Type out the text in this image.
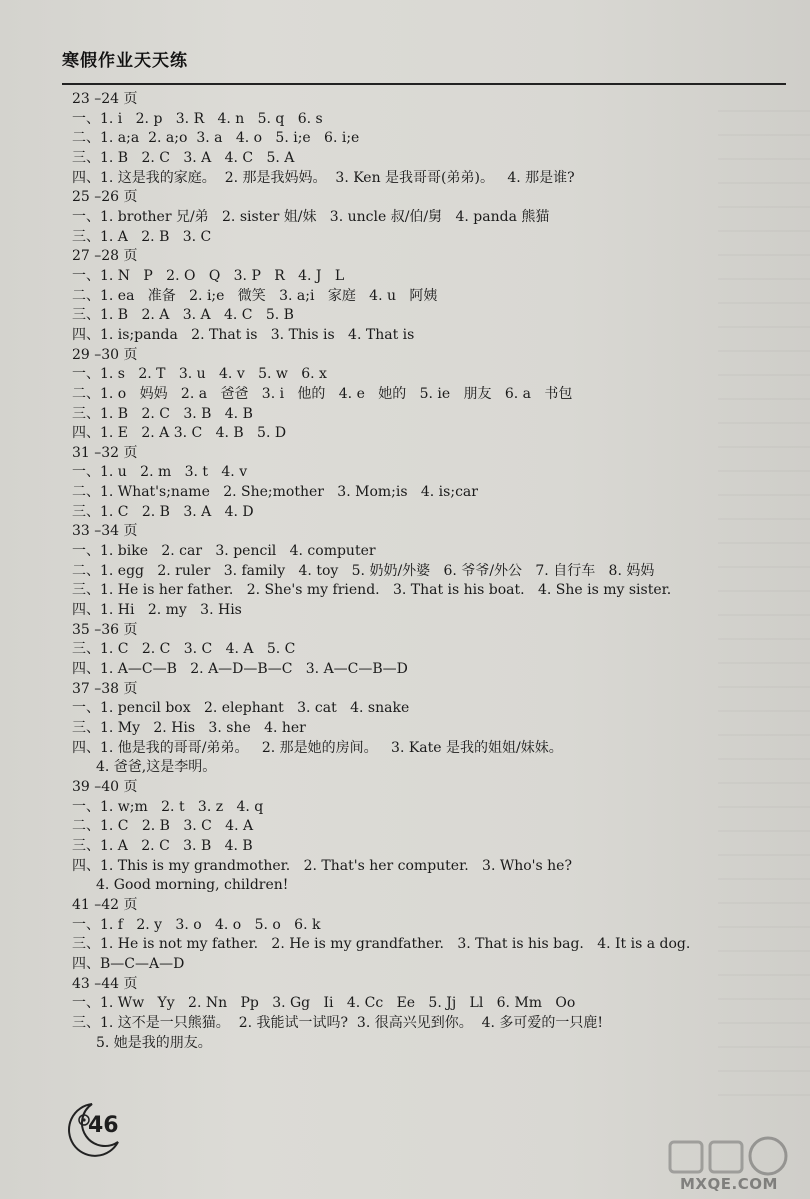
寒假作业天天练
23 –24 页
一、1. i   2. p   3. R   4. n   5. q   6. s
二、1. a;a  2. a;o  3. a   4. o   5. i;e   6. i;e
三、1. B   2. C   3. A   4. C   5. A
四、1. 这是我的家庭。  2. 那是我妈妈。  3. Ken 是我哥哥(弟弟)。   4. 那是谁?
25 –26 页
一、1. brother 兄/弟   2. sister 姐/妹   3. uncle 叔/伯/舅   4. panda 熊猫
三、1. A   2. B   3. C
27 –28 页
一、1. N   P   2. O   Q   3. P   R   4. J   L
二、1. ea   准备   2. i;e   微笑   3. a;i   家庭   4. u   阿姨
三、1. B   2. A   3. A   4. C   5. B
四、1. is;panda   2. That is   3. This is   4. That is
29 –30 页
一、1. s   2. T   3. u   4. v   5. w   6. x
二、1. o   妈妈   2. a   爸爸   3. i   他的   4. e   她的   5. ie   朋友   6. a   书包
三、1. B   2. C   3. B   4. B
四、1. E   2. A 3. C   4. B   5. D
31 –32 页
一、1. u   2. m   3. t   4. v
二、1. What's;name   2. She;mother   3. Mom;is   4. is;car
三、1. C   2. B   3. A   4. D
33 –34 页
一、1. bike   2. car   3. pencil   4. computer
二、1. egg   2. ruler   3. family   4. toy   5. 奶奶/外婆   6. 爷爷/外公   7. 自行车   8. 妈妈
三、1. He is her father.   2. She's my friend.   3. That is his boat.   4. She is my sister.
四、1. Hi   2. my   3. His
35 –36 页
三、1. C   2. C   3. C   4. A   5. C
四、1. A—C—B   2. A—D—B—C   3. A—C—B—D
37 –38 页
一、1. pencil box   2. elephant   3. cat   4. snake
三、1. My   2. His   3. she   4. her
四、1. 他是我的哥哥/弟弟。   2. 那是她的房间。   3. Kate 是我的姐姐/妹妹。
4. 爸爸,这是李明。
39 –40 页
一、1. w;m   2. t   3. z   4. q
二、1. C   2. B   3. C   4. A
三、1. A   2. C   3. B   4. B
四、1. This is my grandmother.   2. That's her computer.   3. Who's he?
4. Good morning, children!
41 –42 页
一、1. f   2. y   3. o   4. o   5. o   6. k
三、1. He is not my father.   2. He is my grandfather.   3. That is his bag.   4. It is a dog.
四、B—C—A—D
43 –44 页
一、1. Ww   Yy   2. Nn   Pp   3. Gg   Ii   4. Cc   Ee   5. Jj   Ll   6. Mm   Oo
三、1. 这不是一只熊猫。  2. 我能试一试吗?  3. 很高兴见到你。  4. 多可爱的一只鹿!
5. 她是我的朋友。
46
MXQE.COM
